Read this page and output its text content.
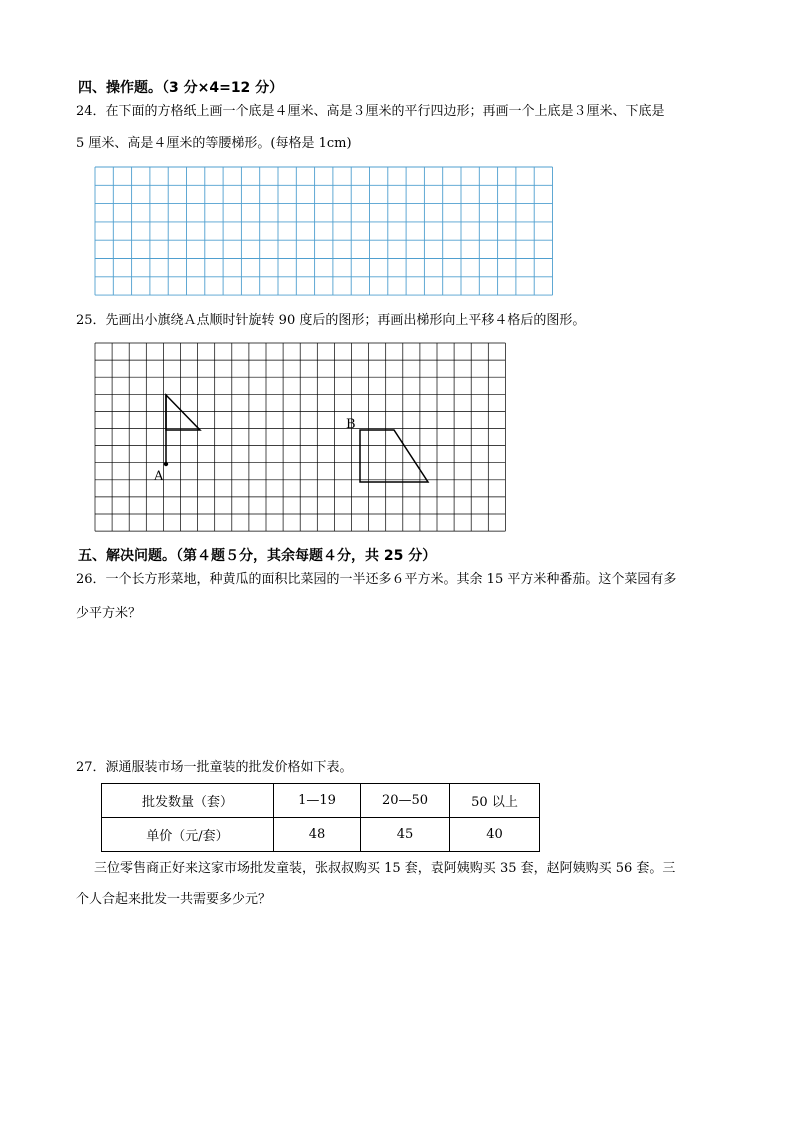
四、操作题。（3 分×4=12 分）
24．在下面的方格纸上画一个底是４厘米、高是３厘米的平行四边形；再画一个上底是３厘米、下底是
5 厘米、高是４厘米的等腰梯形。(每格是 1cm)
25．先画出小旗绕Ａ点顺时针旋转 90 度后的图形；再画出梯形向上平移４格后的图形。
A
B
五、解决问题。（第４题５分，其余每题４分，共 25 分）
26．一个长方形菜地，种黄瓜的面积比菜园的一半还多６平方米。其余 15 平方米种番茄。这个菜园有多
少平方米？
27．源通服装市场一批童装的批发价格如下表。
批发数量（套）	1—19	20—50	50 以上
单价（元/套）	48	45	40
三位零售商正好来这家市场批发童装，张叔叔购买 15 套，袁阿姨购买 35 套，赵阿姨购买 56 套。三
个人合起来批发一共需要多少元？
